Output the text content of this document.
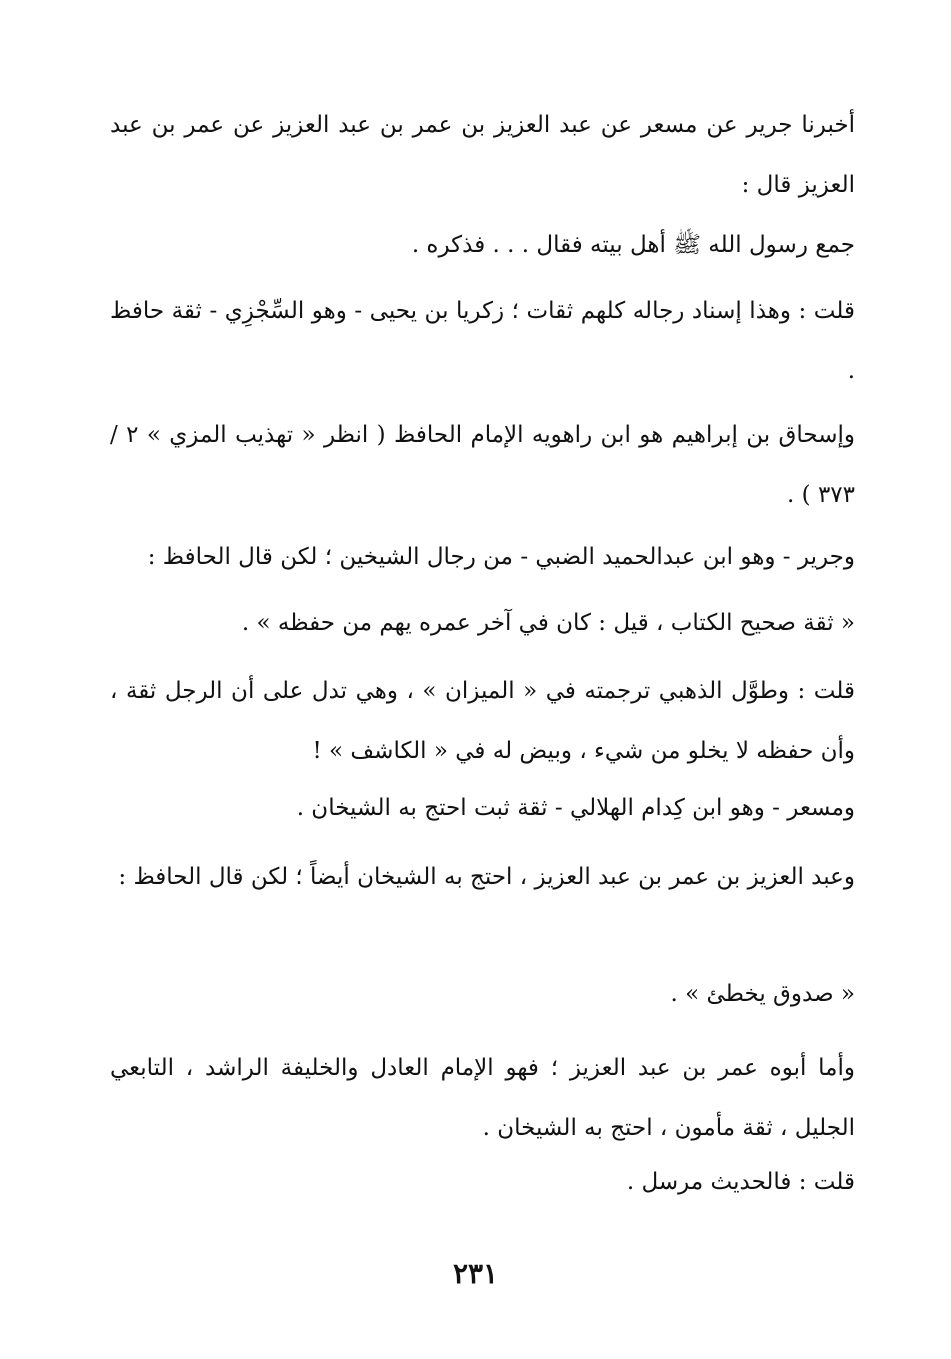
أخبرنا جرير عن مسعر عن عبد العزيز بن عمر بن عبد العزيز عن عمر بن عبد العزيز قال :

جمع رسول الله ﷺ أهل بيته فقال . . . فذكره .

قلت : وهذا إسناد رجاله كلهم ثقات ؛ زكريا بن يحيى - وهو السِّجْزِي - ثقة حافظ .

وإسحاق بن إبراهيم هو ابن راهويه الإمام الحافظ ( انظر « تهذيب المزي » ٢ / ٣٧٣ ) .

وجرير - وهو ابن عبدالحميد الضبي - من رجال الشيخين ؛ لكن قال الحافظ :

« ثقة صحيح الكتاب ، قيل : كان في آخر عمره يهم من حفظه » .

قلت : وطوَّل الذهبي ترجمته في « الميزان » ، وهي تدل على أن الرجل ثقة ، وأن حفظه لا يخلو من شيء ، وبيض له في « الكاشف » !

ومسعر - وهو ابن كِدام الهلالي - ثقة ثبت احتج به الشيخان .

وعبد العزيز بن عمر بن عبد العزيز ، احتج به الشيخان أيضاً ؛ لكن قال الحافظ :

« صدوق يخطئ » .

وأما أبوه عمر بن عبد العزيز ؛ فهو الإمام العادل والخليفة الراشد ، التابعي الجليل ، ثقة مأمون ، احتج به الشيخان .

قلت : فالحديث مرسل .

٢٣١
